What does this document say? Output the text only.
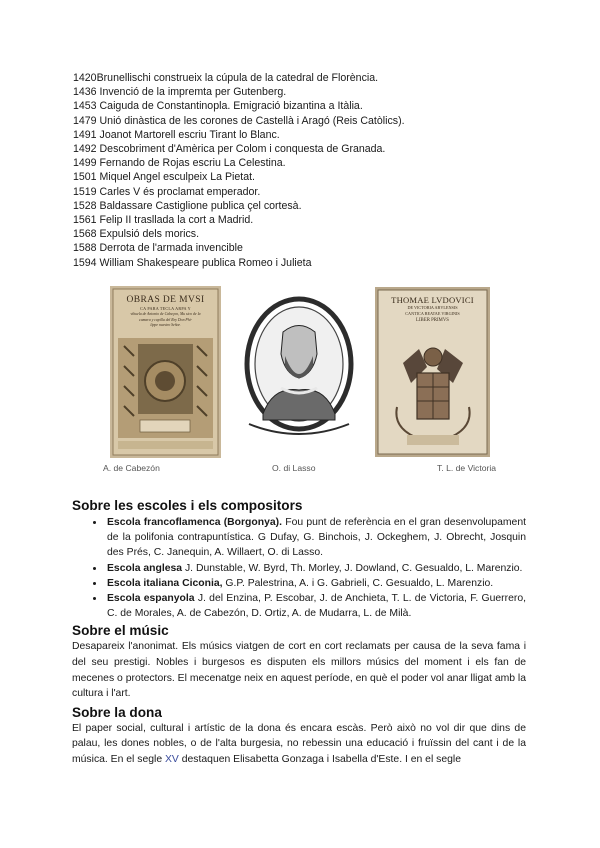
1420Brunellischi construeix la cúpula de la catedral de Florència.
1436 Invenció de la impremta per Gutenberg.
1453 Caiguda de Constantinopla. Emigració bizantina a Itàlia.
1479 Unió dinàstica de les corones de Castellà i Aragó (Reis Catòlics).
1491 Joanot Martorell escriu Tirant lo Blanc.
1492 Descobriment d'Amèrica per Colom i conquesta de Granada.
1499 Fernando de Rojas escriu La Celestina.
1501 Miquel Angel esculpeix La Pietat.
1519 Carles V és proclamat emperador.
1528 Baldassare Castiglione publica çel cortesà.
1561 Felip II trasllada la cort a Madrid.
1568 Expulsió dels morics.
1588 Derrota de l'armada invencible
1594 William Shakespeare publica Romeo i Julieta
OBRAS DE MVSI
CA PARA TECLA ARPA Y
vihuela de Antonio de Cabeçon, Mu sico de la
camara y capilla del Rey Don Phi-
lippe nuestro Señor.
A. de Cabezón	O. di Lasso
THOMAE LVDOVICI
DE VICTORIA ABVLENSIS
CANTICA BEATAE VIRGINIS
LIBER PRIMVS
T. L. de Victoria
Sobre les escoles i els compositors
• Escola francoflamenca (Borgonya). Fou punt de referència en el gran desenvolupament de la polifonia contrapuntística. G Dufay, G. Binchois, J. Ockeghem, J. Obrecht, Josquin des Prés, C. Janequin, A. Willaert, O. di Lasso.
• Escola anglesa J. Dunstable, W. Byrd, Th. Morley, J. Dowland, C. Gesualdo, L. Marenzio.
• Escola italiana Ciconia, G.P. Palestrina, A. i G. Gabrieli, C. Gesualdo, L. Marenzio.
• Escola espanyola J. del Enzina, P. Escobar, J. de Anchieta, T. L. de Victoria, F. Guerrero, C. de Morales, A. de Cabezón, D. Ortiz, A. de Mudarra, L. de Milà.
Sobre el músic

Desapareix l'anonimat. Els músics viatgen de cort en cort reclamats per causa de la seva fama i del seu prestigi. Nobles i burgesos es disputen els millors músics del moment i els fan de mecenes o protectors. El mecenatge neix en aquest període, en què el poder vol anar lligat amb la cultura i l'art.

Sobre la dona

El paper social, cultural i artístic de la dona és encara escàs. Però això no vol dir que dins de palau, les dones nobles, o de l'alta burgesia, no rebessin una educació i fruïssin del cant i de la música. En el segle XV destaquen Elisabetta Gonzaga i Isabella d'Este. I en el segle
